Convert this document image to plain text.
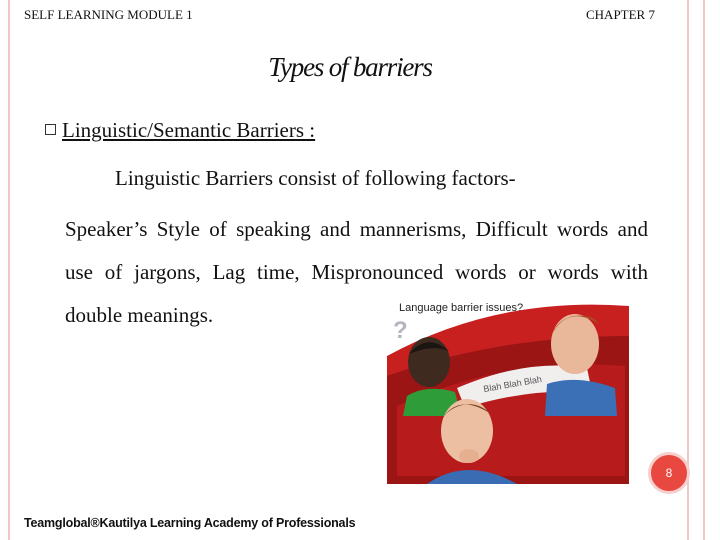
SELF LEARNING MODULE 1	CHAPTER 7
Types of barriers
Linguistic/Semantic Barriers :
Linguistic Barriers consist of following factors-
Speaker’s Style of speaking and mannerisms, Difficult words and use of jargons, Lag time, Mispronounced words or words with double meanings.
Blah Blah Blah
Language barrier issues?
?
8
Teamglobal®Kautilya Learning Academy of Professionals
